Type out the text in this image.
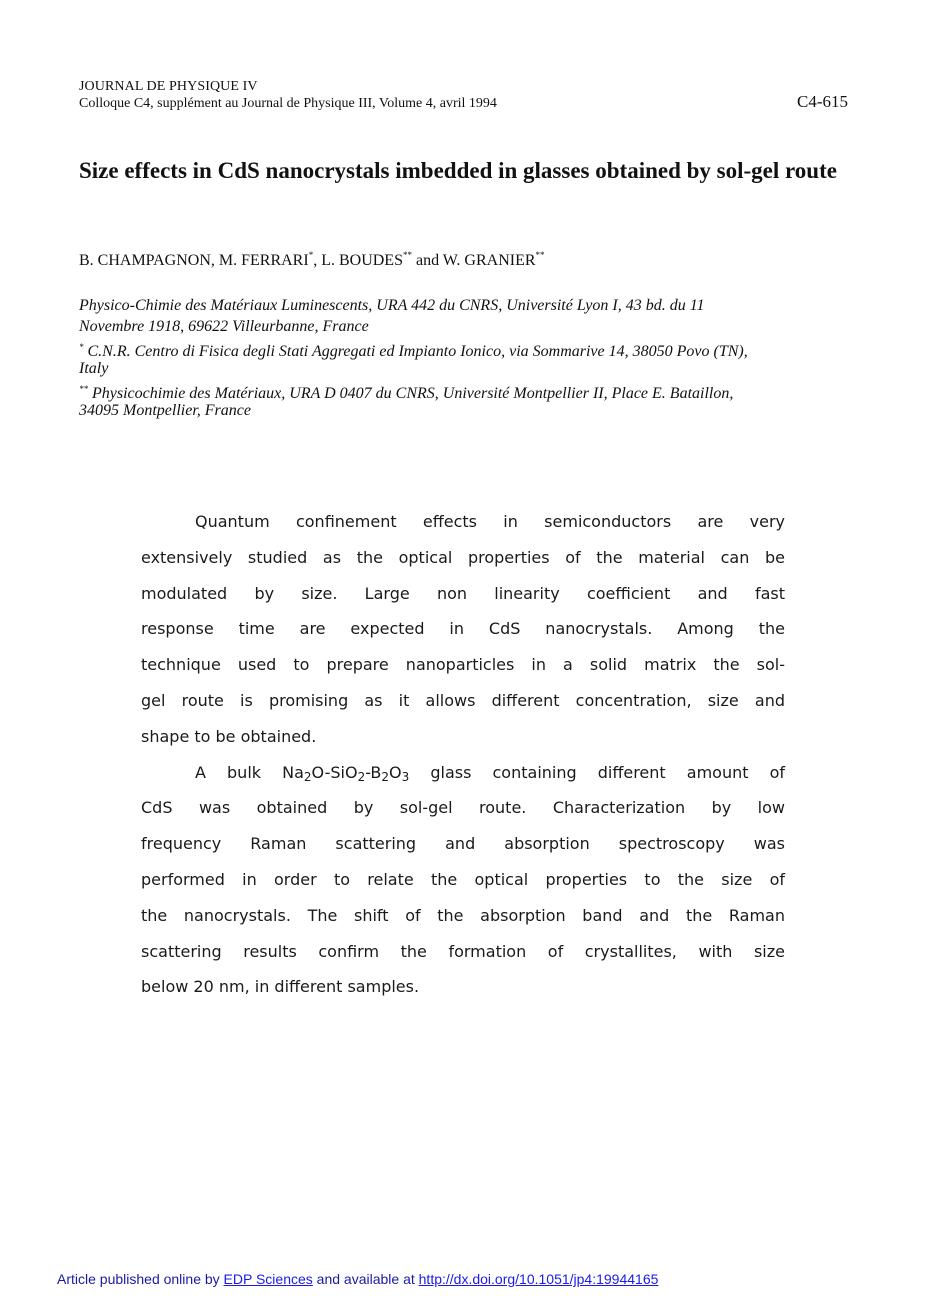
JOURNAL DE PHYSIQUE IV
Colloque C4, supplément au Journal de Physique III, Volume 4, avril 1994	C4-615
Size effects in CdS nanocrystals imbedded in glasses obtained by sol-gel route
B. CHAMPAGNON, M. FERRARI*, L. BOUDES** and W. GRANIER**
Physico-Chimie des Matériaux Luminescents, URA 442 du CNRS, Université Lyon I, 43 bd. du 11
Novembre 1918, 69622 Villeurbanne, France
* C.N.R. Centro di Fisica degli Stati Aggregati ed Impianto Ionico, via Sommarive 14, 38050 Povo (TN),
Italy
** Physicochimie des Matériaux, URA D 0407 du CNRS, Université Montpellier II, Place E. Bataillon,
34095 Montpellier, France
Quantum confinement effects in semiconductors are very
extensively studied as the optical properties of the material can be
modulated by size. Large non linearity coefficient and fast
response time are expected in CdS nanocrystals. Among the
technique used to prepare nanoparticles in a solid matrix the sol-
gel route is promising as it allows different concentration, size and
shape to be obtained.
A bulk $Na_2O-SiO_2-B_2O_3$ glass containing different amount of
CdS was obtained by sol-gel route. Characterization by low
frequency Raman scattering and absorption spectroscopy was
performed in order to relate the optical properties to the size of
the nanocrystals. The shift of the absorption band and the Raman
scattering results confirm the formation of crystallites, with size
below 20 nm, in different samples.
Article published online by EDP Sciences and available at http://dx.doi.org/10.1051/jp4:19944165
